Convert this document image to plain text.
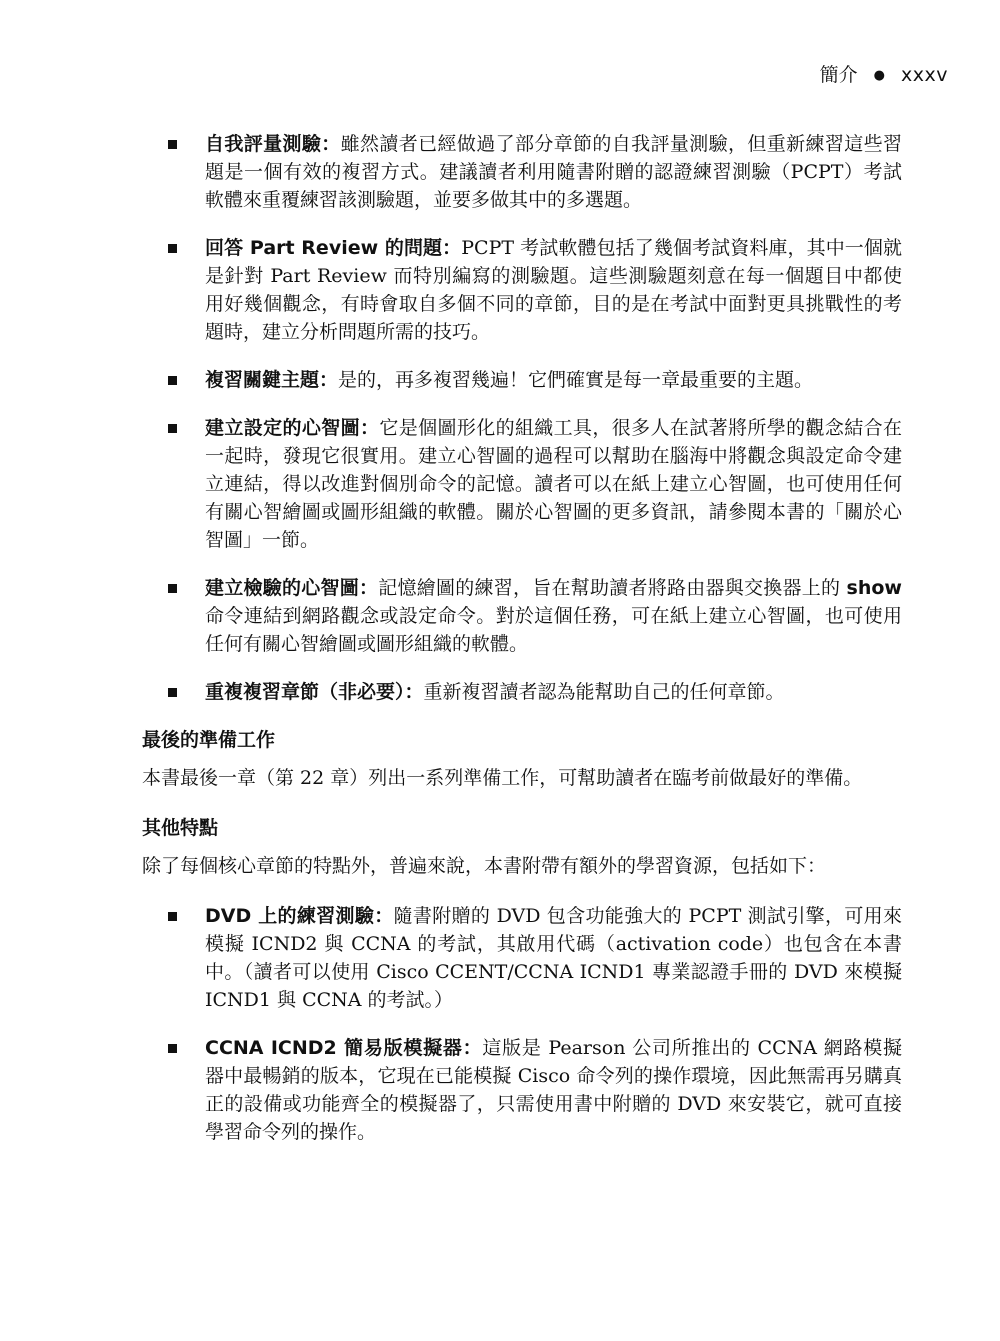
簡介 ● xxxv
自我評量測驗：雖然讀者已經做過了部分章節的自我評量測驗，但重新練習這些習題是一個有效的複習方式。建議讀者利用隨書附贈的認證練習測驗（PCPT）考試軟體來重覆練習該測驗題，並要多做其中的多選題。
回答 Part Review 的問題：PCPT 考試軟體包括了幾個考試資料庫，其中一個就是針對 Part Review 而特別編寫的測驗題。這些測驗題刻意在每一個題目中都使用好幾個觀念，有時會取自多個不同的章節，目的是在考試中面對更具挑戰性的考題時，建立分析問題所需的技巧。
複習關鍵主題：是的，再多複習幾遍！它們確實是每一章最重要的主題。
建立設定的心智圖：它是個圖形化的組織工具，很多人在試著將所學的觀念結合在一起時，發現它很實用。建立心智圖的過程可以幫助在腦海中將觀念與設定命令建立連結，得以改進對個別命令的記憶。讀者可以在紙上建立心智圖，也可使用任何有關心智繪圖或圖形組織的軟體。關於心智圖的更多資訊，請參閱本書的「關於心智圖」一節。
建立檢驗的心智圖：記憶繪圖的練習，旨在幫助讀者將路由器與交換器上的 show 命令連結到網路觀念或設定命令。對於這個任務，可在紙上建立心智圖，也可使用任何有關心智繪圖或圖形組織的軟體。
重複複習章節（非必要）：重新複習讀者認為能幫助自己的任何章節。
最後的準備工作

本書最後一章（第 22 章）列出一系列準備工作，可幫助讀者在臨考前做最好的準備。

其他特點

除了每個核心章節的特點外，普遍來說，本書附帶有額外的學習資源，包括如下：

DVD 上的練習測驗：隨書附贈的 DVD 包含功能強大的 PCPT 測試引擎，可用來模擬 ICND2 與 CCNA 的考試，其啟用代碼（activation code）也包含在本書中。（讀者可以使用 Cisco CCENT/CCNA ICND1 專業認證手冊的 DVD 來模擬 ICND1 與 CCNA 的考試。）
CCNA ICND2 簡易版模擬器：這版是 Pearson 公司所推出的 CCNA 網路模擬器中最暢銷的版本，它現在已能模擬 Cisco 命令列的操作環境，因此無需再另購真正的設備或功能齊全的模擬器了，只需使用書中附贈的 DVD 來安裝它，就可直接學習命令列的操作。
